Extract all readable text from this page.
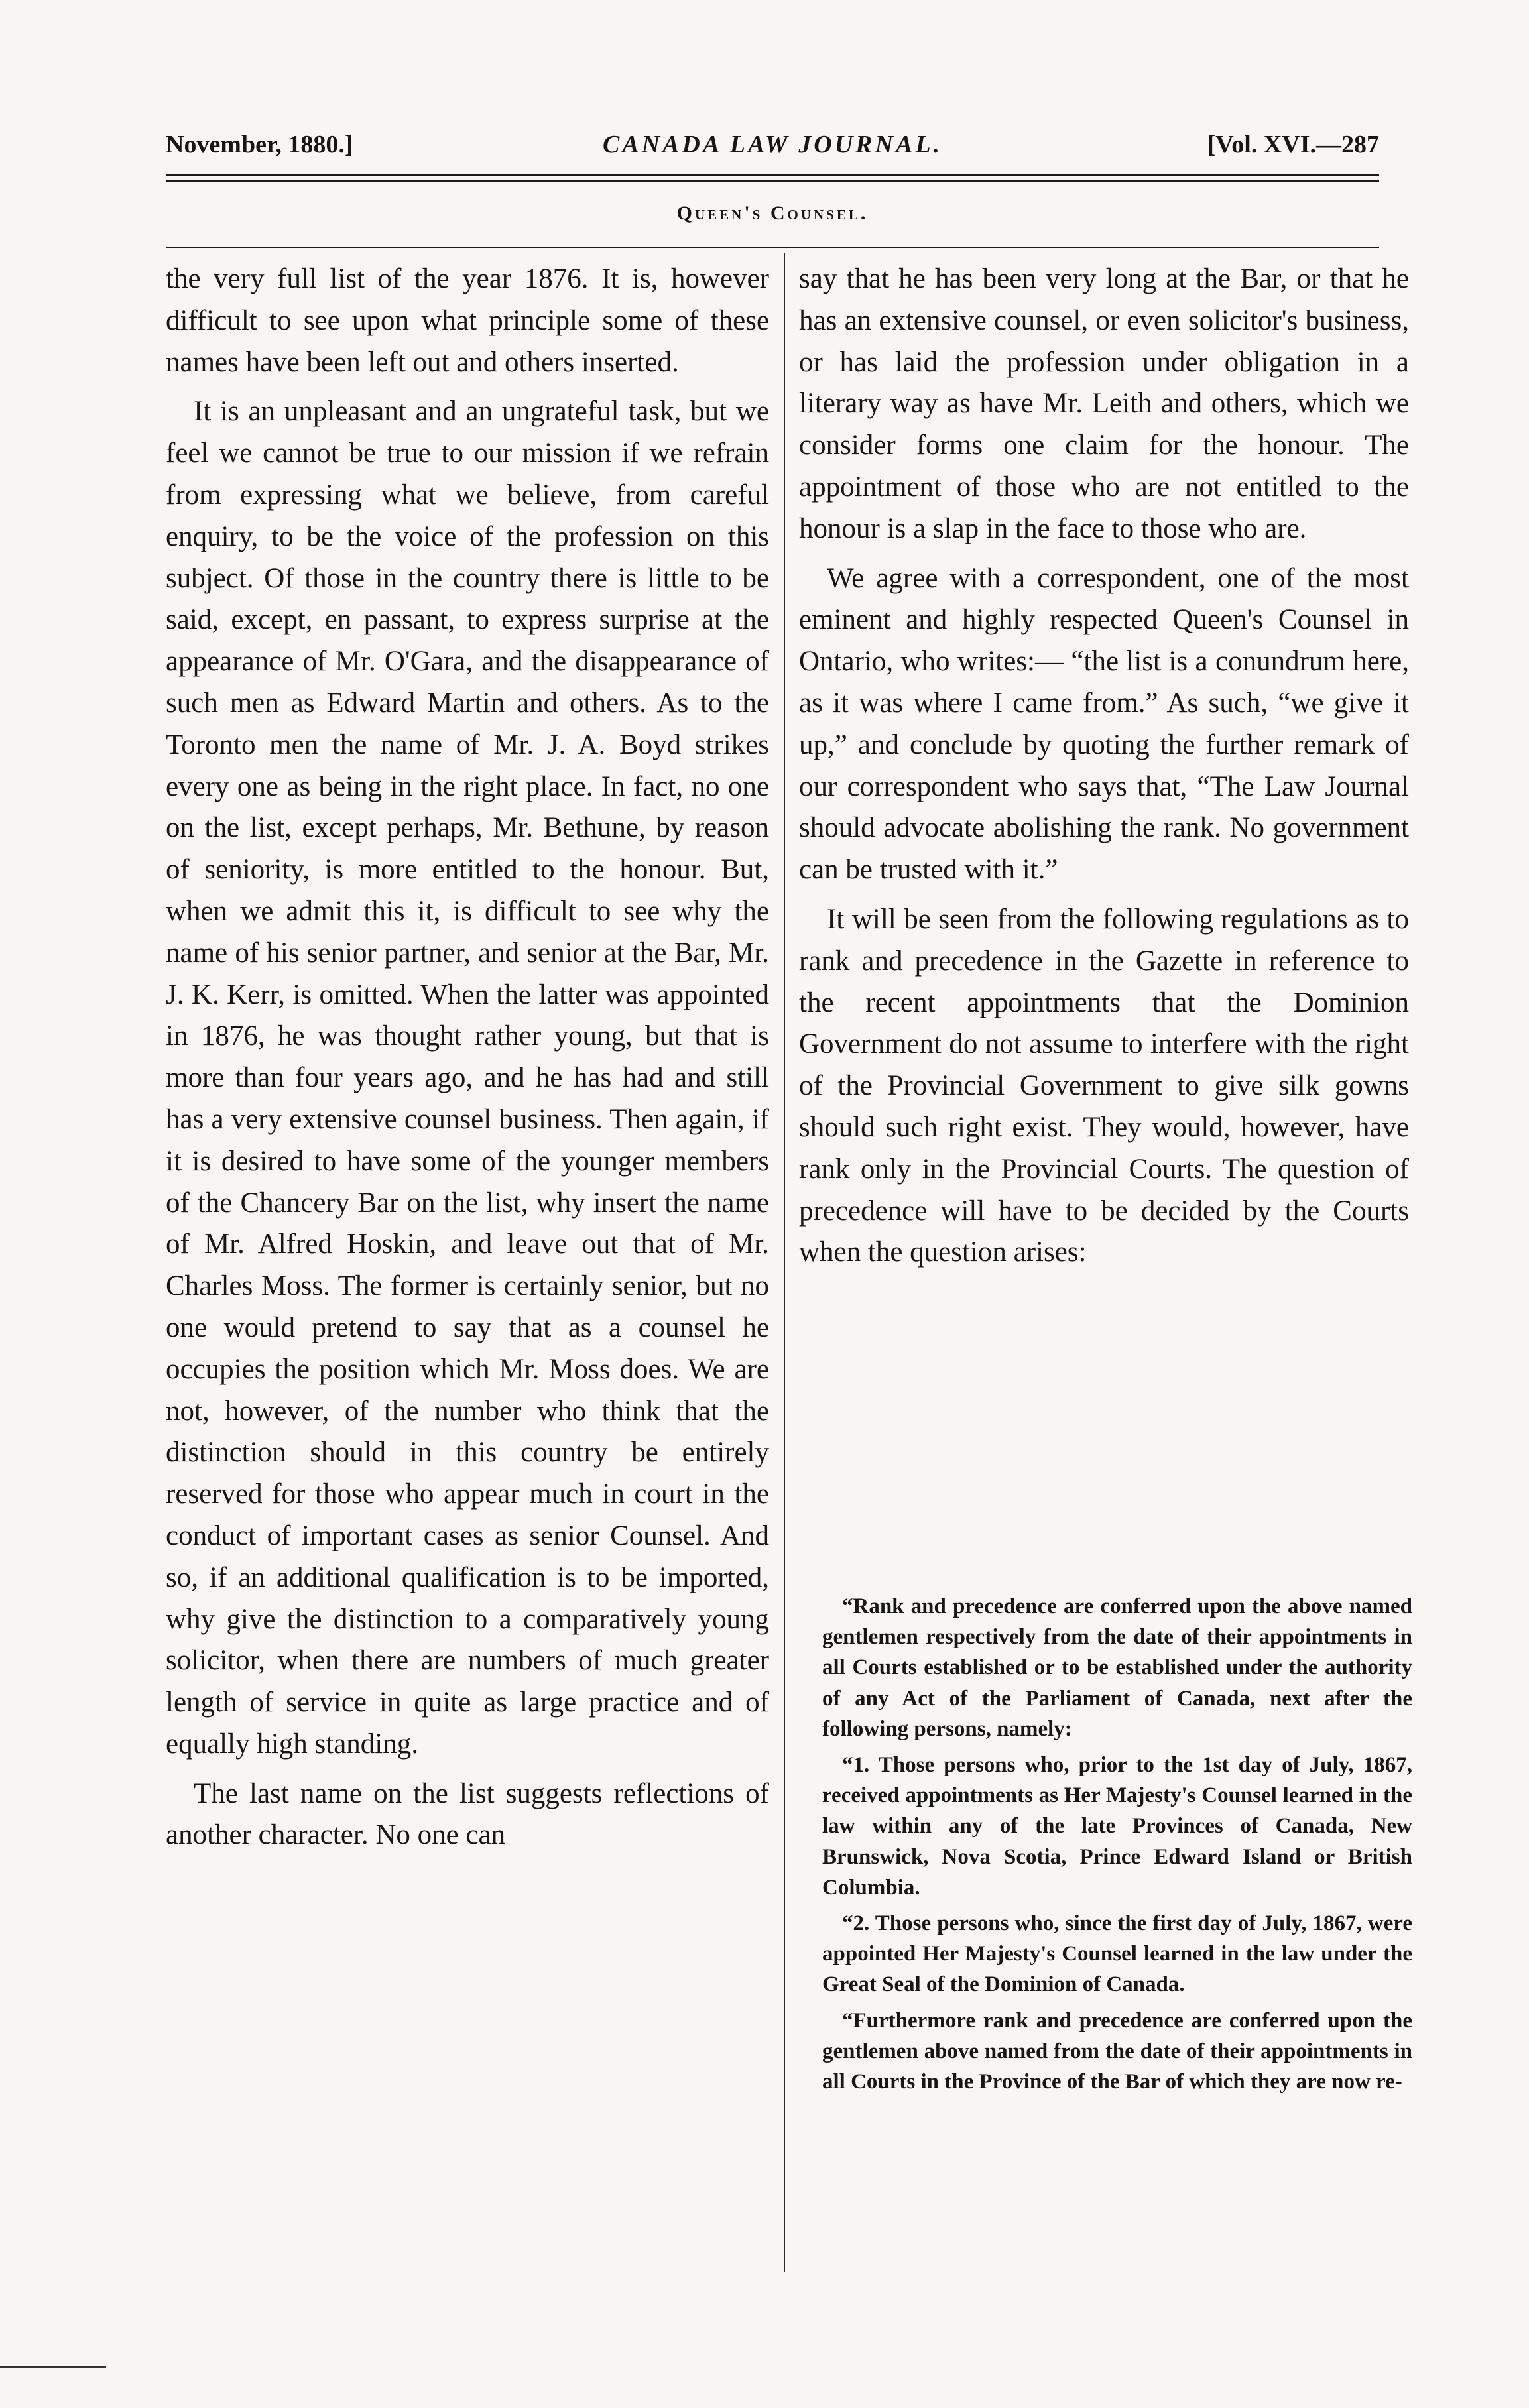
November, 1880.]	CANADA LAW JOURNAL.	[Vol. XVI.—287
Queen's Counsel.

the very full list of the year 1876. It is, however difficult to see upon what principle some of these names have been left out and others inserted.

It is an unpleasant and an ungrateful task, but we feel we cannot be true to our mission if we refrain from expressing what we believe, from careful enquiry, to be the voice of the profession on this subject. Of those in the country there is little to be said, except, en passant, to express surprise at the appearance of Mr. O'Gara, and the disappearance of such men as Edward Martin and others. As to the Toronto men the name of Mr. J. A. Boyd strikes every one as being in the right place. In fact, no one on the list, except perhaps, Mr. Bethune, by reason of seniority, is more entitled to the honour. But, when we admit this it, is difficult to see why the name of his senior partner, and senior at the Bar, Mr. J. K. Kerr, is omitted. When the latter was appointed in 1876, he was thought rather young, but that is more than four years ago, and he has had and still has a very extensive counsel business. Then again, if it is desired to have some of the younger members of the Chancery Bar on the list, why insert the name of Mr. Alfred Hoskin, and leave out that of Mr. Charles Moss. The former is certainly senior, but no one would pretend to say that as a counsel he occupies the position which Mr. Moss does. We are not, however, of the number who think that the distinction should in this country be entirely reserved for those who appear much in court in the conduct of important cases as senior Counsel. And so, if an additional qualification is to be imported, why give the distinction to a comparatively young solicitor, when there are numbers of much greater length of service in quite as large practice and of equally high standing.

The last name on the list suggests reflections of another character. No one can

say that he has been very long at the Bar, or that he has an extensive counsel, or even solicitor's business, or has laid the profession under obligation in a literary way as have Mr. Leith and others, which we consider forms one claim for the honour. The appointment of those who are not entitled to the honour is a slap in the face to those who are.

We agree with a correspondent, one of the most eminent and highly respected Queen's Counsel in Ontario, who writes:— “the list is a conundrum here, as it was where I came from.” As such, “we give it up,” and conclude by quoting the further remark of our correspondent who says that, “The Law Journal should advocate abolishing the rank. No government can be trusted with it.”

It will be seen from the following regulations as to rank and precedence in the Gazette in reference to the recent appointments that the Dominion Government do not assume to interfere with the right of the Provincial Government to give silk gowns should such right exist. They would, however, have rank only in the Provincial Courts. The question of precedence will have to be decided by the Courts when the question arises:

“Rank and precedence are conferred upon the above named gentlemen respectively from the date of their appointments in all Courts established or to be established under the authority of any Act of the Parliament of Canada, next after the following persons, namely:

“1. Those persons who, prior to the 1st day of July, 1867, received appointments as Her Majesty's Counsel learned in the law within any of the late Provinces of Canada, New Brunswick, Nova Scotia, Prince Edward Island or British Columbia.

“2. Those persons who, since the first day of July, 1867, were appointed Her Majesty's Counsel learned in the law under the Great Seal of the Dominion of Canada.

“Furthermore rank and precedence are conferred upon the gentlemen above named from the date of their appointments in all Courts in the Province of the Bar of which they are now re-
